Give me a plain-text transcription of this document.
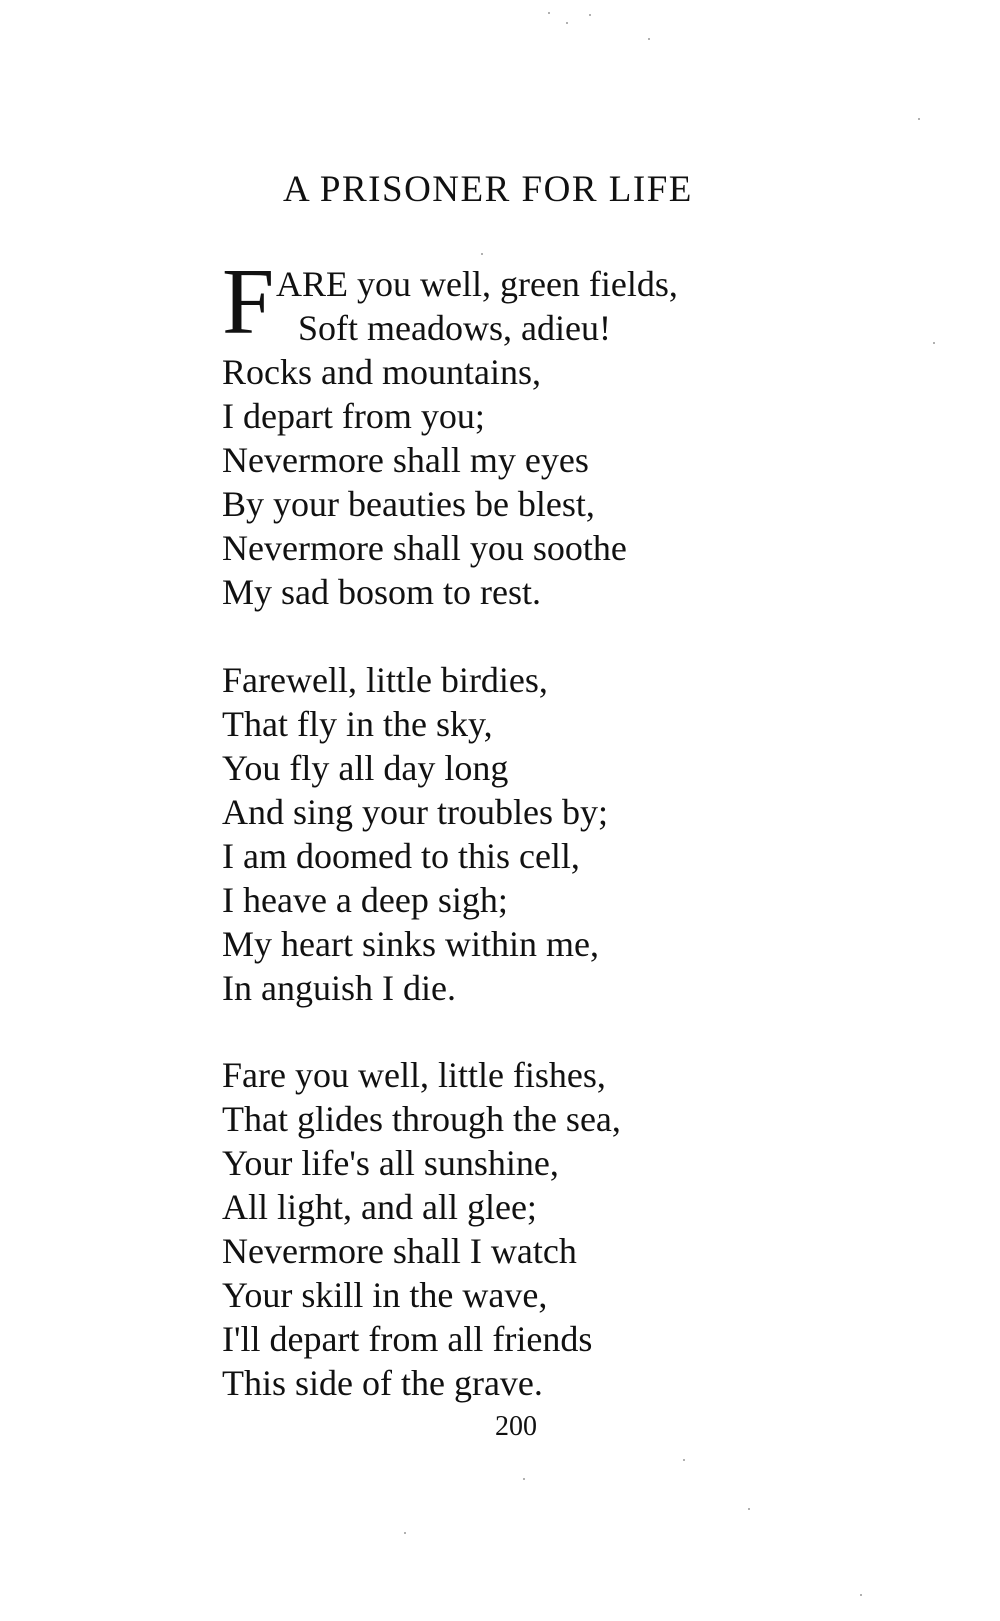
A PRISONER FOR LIFE
F ARE you well, green fields,
Soft meadows, adieu!
Rocks and mountains,
I depart from you;
Nevermore shall my eyes
By your beauties be blest,
Nevermore shall you soothe
My sad bosom to rest.
Farewell, little birdies,
That fly in the sky,
You fly all day long
And sing your troubles by;
I am doomed to this cell,
I heave a deep sigh;
My heart sinks within me,
In anguish I die.
Fare you well, little fishes,
That glides through the sea,
Your life's all sunshine,
All light, and all glee;
Nevermore shall I watch
Your skill in the wave,
I'll depart from all friends
This side of the grave.
200
